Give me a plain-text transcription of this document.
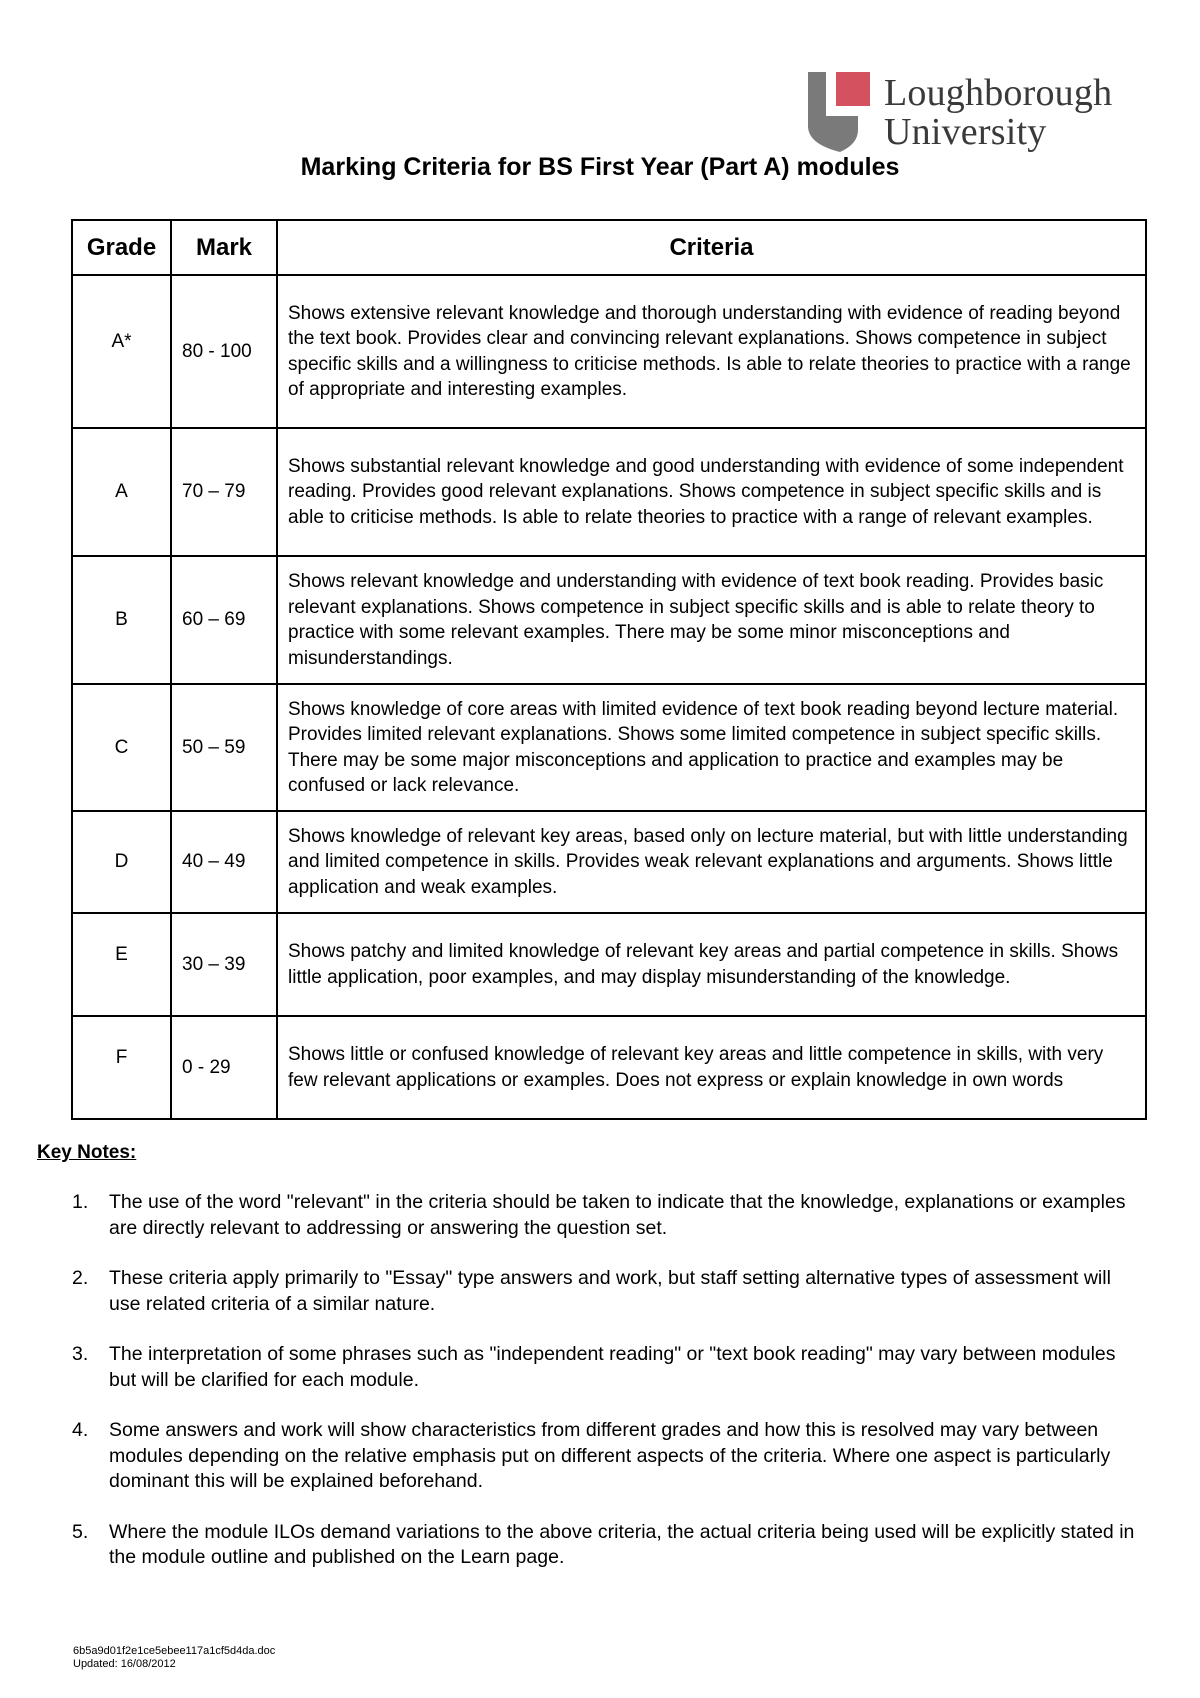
Loughborough
University
Marking Criteria for BS First Year (Part A) modules
Grade	Mark	Criteria
A*	80 - 100	Shows extensive relevant knowledge and thorough understanding with evidence of reading beyond the text book. Provides clear and convincing relevant explanations. Shows competence in subject specific skills and a willingness to criticise methods. Is able to relate theories to practice with a range of appropriate and interesting examples.
A	70 – 79	Shows substantial relevant knowledge and good understanding with evidence of some independent reading. Provides good relevant explanations. Shows competence in subject specific skills and is able to criticise methods. Is able to relate theories to practice with a range of relevant examples.
B	60 – 69	Shows relevant knowledge and understanding with evidence of text book reading. Provides basic relevant explanations. Shows competence in subject specific skills and is able to relate theory to practice with some relevant examples. There may be some minor misconceptions and misunderstandings.
C	50 – 59	Shows knowledge of core areas with limited evidence of text book reading beyond lecture material. Provides limited relevant explanations. Shows some limited competence in subject specific skills. There may be some major misconceptions and application to practice and examples may be confused or lack relevance.
D	40 – 49	Shows knowledge of relevant key areas, based only on lecture material, but with little understanding and limited competence in skills. Provides weak relevant explanations and arguments. Shows little application and weak examples.
E	30 – 39	Shows patchy and limited knowledge of relevant key areas and partial competence in skills. Shows little application, poor examples, and may display misunderstanding of the knowledge.
F	0 - 29	Shows little or confused knowledge of relevant key areas and little competence in skills, with very few relevant applications or examples. Does not express or explain knowledge in own words
Key Notes:
1. The use of the word "relevant" in the criteria should be taken to indicate that the knowledge, explanations or examples are directly relevant to addressing or answering the question set.
2. These criteria apply primarily to "Essay" type answers and work, but staff setting alternative types of assessment will use related criteria of a similar nature.
3. The interpretation of some phrases such as "independent reading" or "text book reading" may vary between modules but will be clarified for each module.
4. Some answers and work will show characteristics from different grades and how this is resolved may vary between modules depending on the relative emphasis put on different aspects of the criteria. Where one aspect is particularly dominant this will be explained beforehand.
5. Where the module ILOs demand variations to the above criteria, the actual criteria being used will be explicitly stated in the module outline and published on the Learn page.
6b5a9d01f2e1ce5ebee117a1cf5d4da.doc
Updated: 16/08/2012
